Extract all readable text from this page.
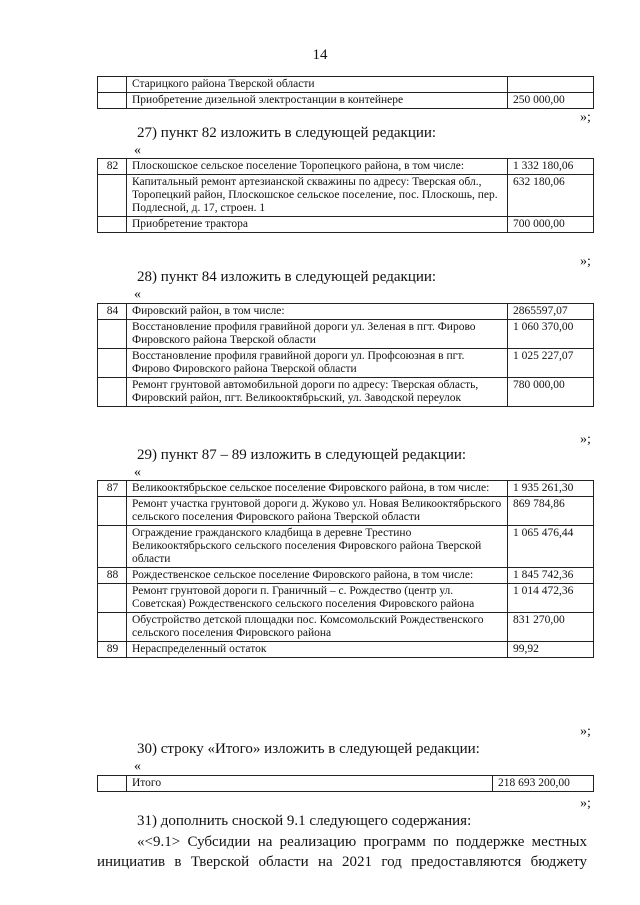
14
	Старицкого района Тверской области	
	Приобретение дизельной электростанции в контейнере	250 000,00
»;
27) пункт 82 изложить в следующей редакции:
«
82	Плоскошское сельское поселение Торопецкого района, в том числе:	1 332 180,06
	Капитальный ремонт артезианской скважины по адресу: Тверская обл., Торопецкий район, Плоскошское сельское поселение, пос. Плоскошь, пер. Подлесной, д. 17, строен. 1	632 180,06
	Приобретение трактора	700 000,00
»;
28) пункт 84 изложить в следующей редакции:
«
84	Фировский район, в том числе:	2865597,07
	Восстановление профиля гравийной дороги ул. Зеленая в пгт. Фирово Фировского района Тверской области	1 060 370,00
	Восстановление профиля гравийной дороги ул. Профсоюзная в пгт. Фирово Фировского района Тверской области	1 025 227,07
	Ремонт грунтовой автомобильной дороги по адресу: Тверская область, Фировский район, пгт. Великооктябрьский, ул. Заводской переулок	780 000,00
»;
29) пункт 87 – 89 изложить в следующей редакции:
«
87	Великооктябрьское сельское поселение Фировского района, в том числе:	1 935 261,30
	Ремонт участка грунтовой дороги д. Жуково ул. Новая Великооктябрьского сельского поселения Фировского района Тверской области	869 784,86
	Ограждение гражданского кладбища в деревне Трестино Великооктябрьского сельского поселения Фировского района Тверской области	1 065 476,44
88	Рождественское сельское поселение Фировского района, в том числе:	1 845 742,36
	Ремонт грунтовой дороги п. Граничный – с. Рождество (центр ул. Советская) Рождественского сельского поселения Фировского района	1 014 472,36
	Обустройство детской площадки пос. Комсомольский Рождественского сельского поселения Фировского района	831 270,00
89	Нераспределенный остаток	99,92
»;
30) строку «Итого» изложить в следующей редакции:
«
	Итого	218 693 200,00
»;
31) дополнить сноской 9.1 следующего содержания:
«<9.1> Субсидии на реализацию программ по поддержке местных
инициатив в Тверской области на 2021 год предоставляются бюджету
